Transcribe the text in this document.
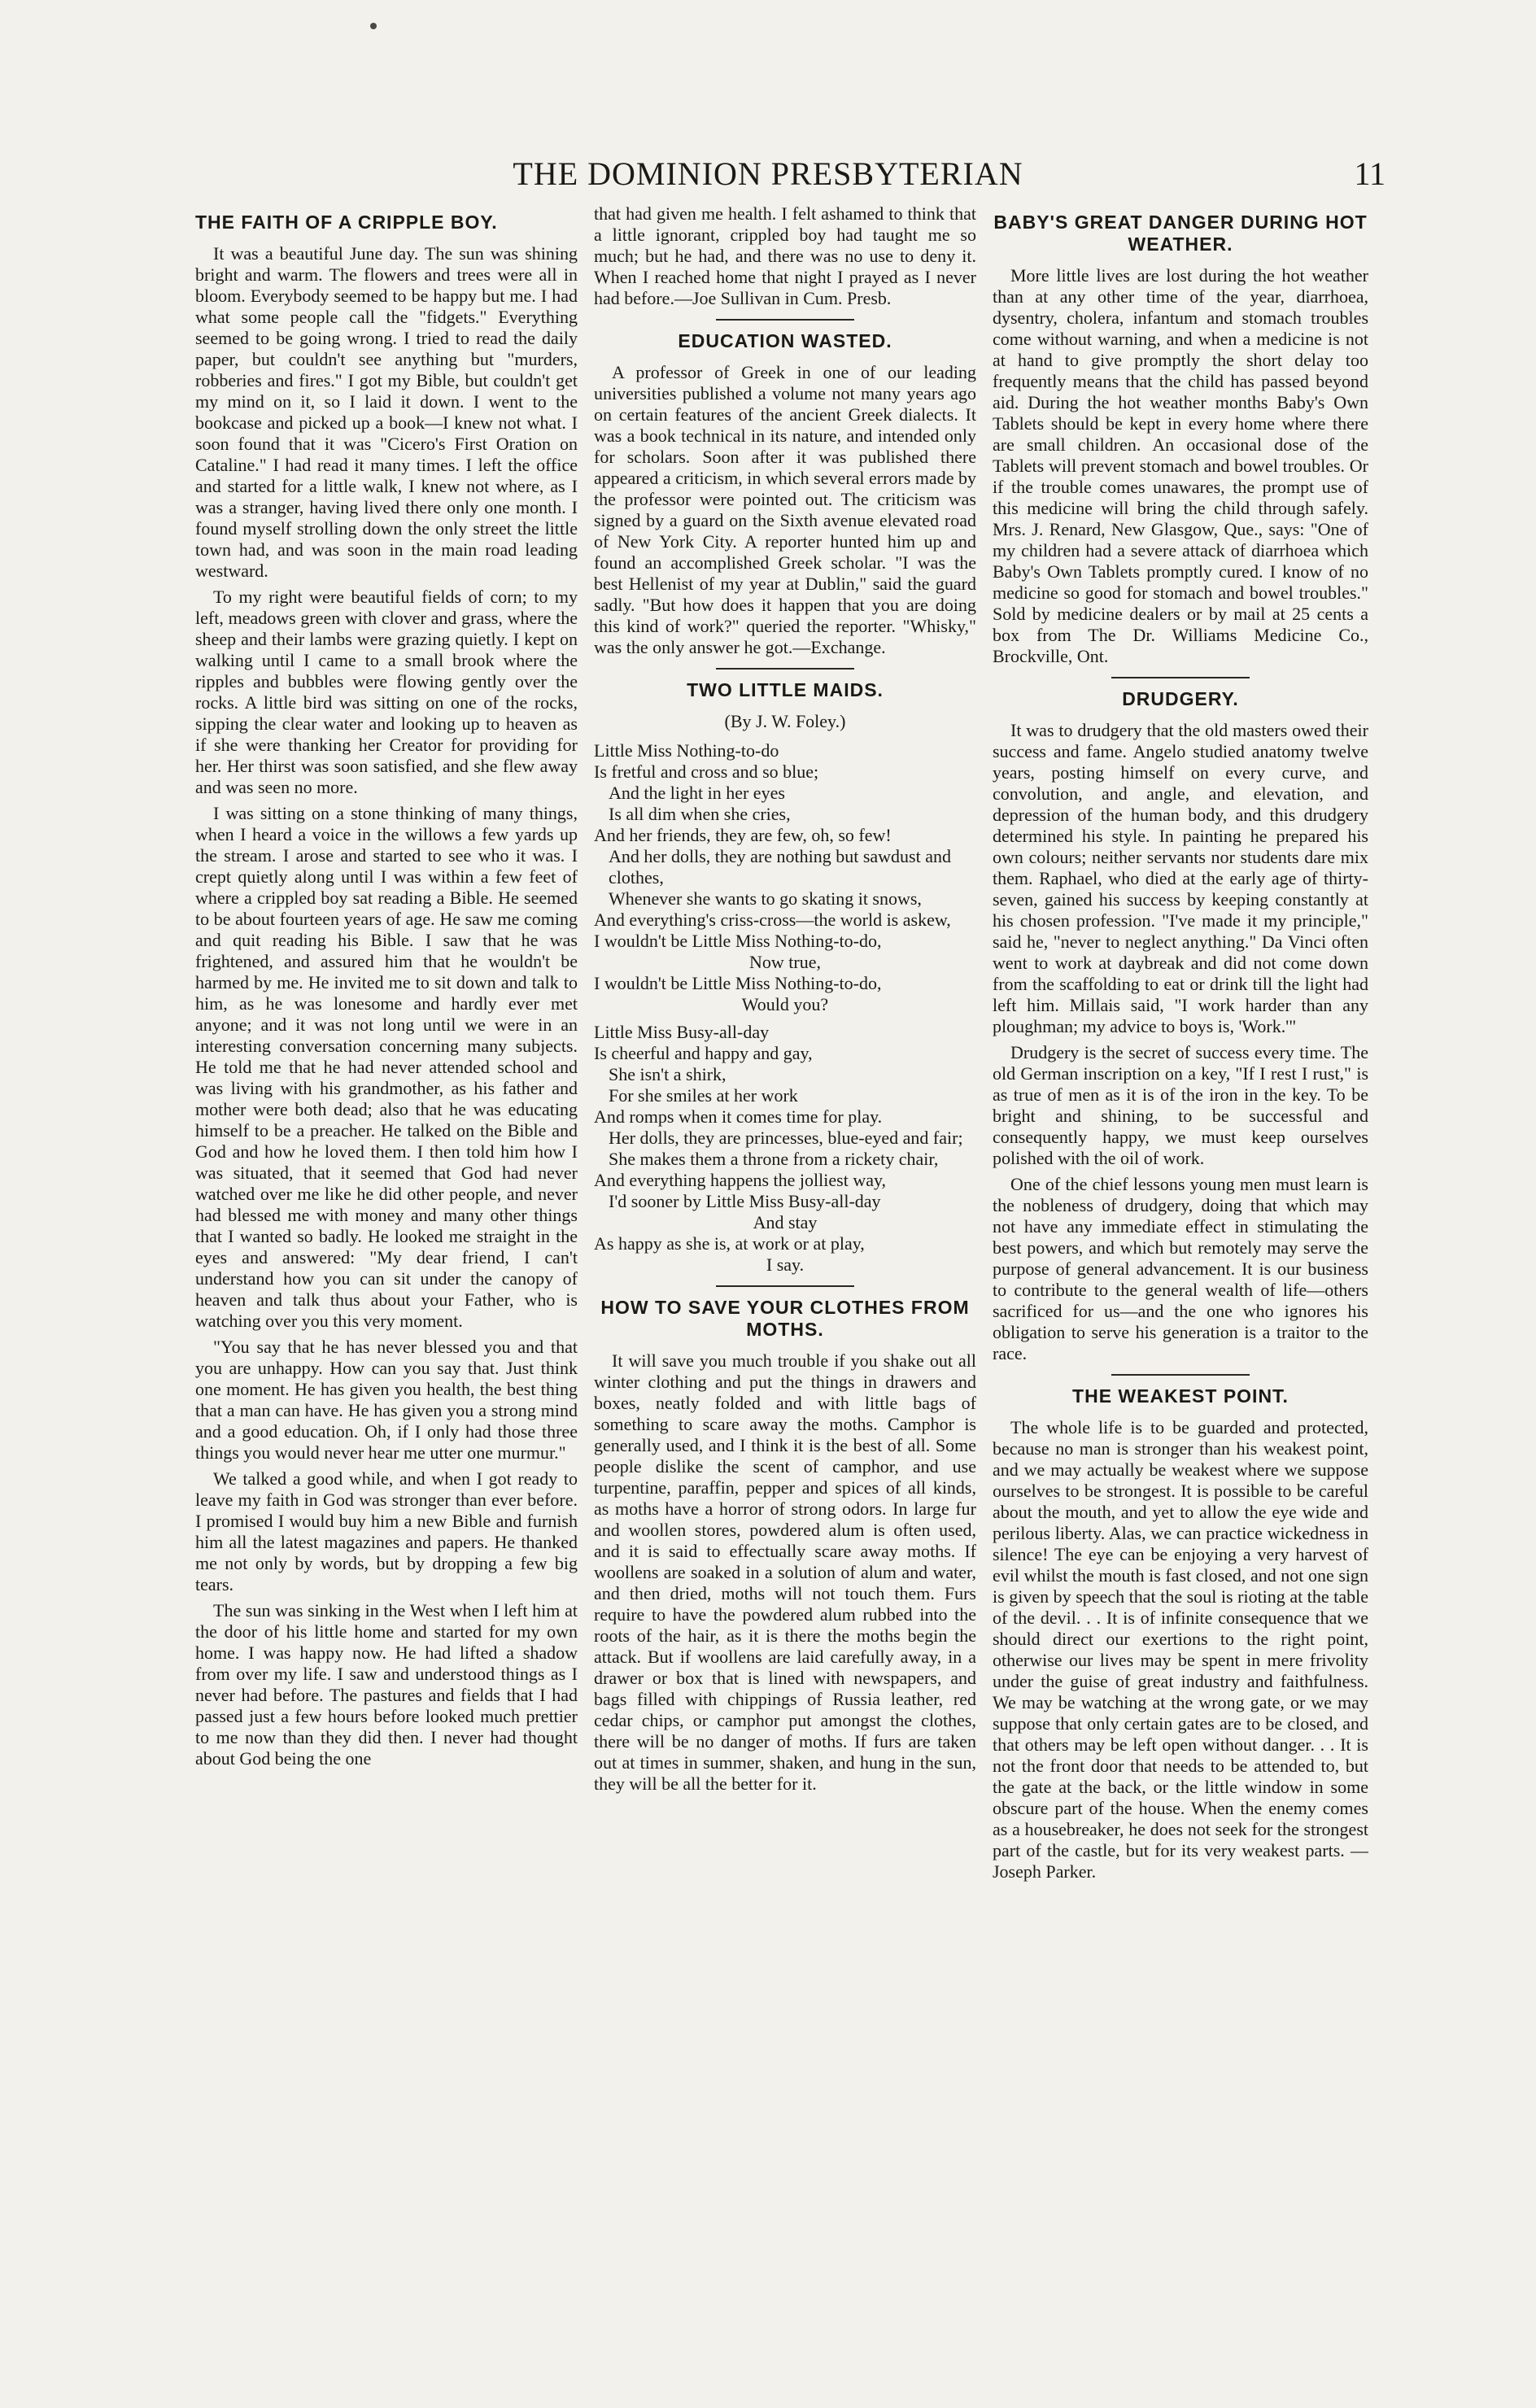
THE DOMINION PRESBYTERIAN	11
THE FAITH OF A CRIPPLE BOY.

It was a beautiful June day. The sun was shining bright and warm. The flowers and trees were all in bloom. Everybody seemed to be happy but me. I had what some people call the "fidgets." Everything seemed to be going wrong. I tried to read the daily paper, but couldn't see anything but "murders, robberies and fires." I got my Bible, but couldn't get my mind on it, so I laid it down. I went to the bookcase and picked up a book—I knew not what. I soon found that it was "Cicero's First Oration on Cataline." I had read it many times. I left the office and started for a little walk, I knew not where, as I was a stranger, having lived there only one month. I found myself strolling down the only street the little town had, and was soon in the main road leading westward.

To my right were beautiful fields of corn; to my left, meadows green with clover and grass, where the sheep and their lambs were grazing quietly. I kept on walking until I came to a small brook where the ripples and bubbles were flowing gently over the rocks. A little bird was sitting on one of the rocks, sipping the clear water and looking up to heaven as if she were thanking her Creator for providing for her. Her thirst was soon satisfied, and she flew away and was seen no more.

I was sitting on a stone thinking of many things, when I heard a voice in the willows a few yards up the stream. I arose and started to see who it was. I crept quietly along until I was within a few feet of where a crippled boy sat reading a Bible. He seemed to be about fourteen years of age. He saw me coming and quit reading his Bible. I saw that he was frightened, and assured him that he wouldn't be harmed by me. He invited me to sit down and talk to him, as he was lonesome and hardly ever met anyone; and it was not long until we were in an interesting conversation concerning many subjects. He told me that he had never attended school and was living with his grandmother, as his father and mother were both dead; also that he was educating himself to be a preacher. He talked on the Bible and God and how he loved them. I then told him how I was situated, that it seemed that God had never watched over me like he did other people, and never had blessed me with money and many other things that I wanted so badly. He looked me straight in the eyes and answered: "My dear friend, I can't understand how you can sit under the canopy of heaven and talk thus about your Father, who is watching over you this very moment.

"You say that he has never blessed you and that you are unhappy. How can you say that. Just think one moment. He has given you health, the best thing that a man can have. He has given you a strong mind and a good education. Oh, if I only had those three things you would never hear me utter one murmur."

We talked a good while, and when I got ready to leave my faith in God was stronger than ever before. I promised I would buy him a new Bible and furnish him all the latest magazines and papers. He thanked me not only by words, but by dropping a few big tears.

The sun was sinking in the West when I left him at the door of his little home and started for my own home. I was happy now. He had lifted a shadow from over my life. I saw and understood things as I never had before. The pastures and fields that I had passed just a few hours before looked much prettier to me now than they did then. I never had thought about God being the one

that had given me health. I felt ashamed to think that a little ignorant, crippled boy had taught me so much; but he had, and there was no use to deny it. When I reached home that night I prayed as I never had before.—Joe Sullivan in Cum. Presb.

EDUCATION WASTED.

A professor of Greek in one of our leading universities published a volume not many years ago on certain features of the ancient Greek dialects. It was a book technical in its nature, and intended only for scholars. Soon after it was published there appeared a criticism, in which several errors made by the professor were pointed out. The criticism was signed by a guard on the Sixth avenue elevated road of New York City. A reporter hunted him up and found an accomplished Greek scholar. "I was the best Hellenist of my year at Dublin," said the guard sadly. "But how does it happen that you are doing this kind of work?" queried the reporter. "Whisky," was the only answer he got.—Exchange.

TWO LITTLE MAIDS.
(By J. W. Foley.)
Little Miss Nothing-to-do
Is fretful and cross and so blue;
And the light in her eyes
Is all dim when she cries,
And her friends, they are few, oh, so few!
And her dolls, they are nothing but sawdust and clothes,
Whenever she wants to go skating it snows,
And everything's criss-cross—the world is askew,
I wouldn't be Little Miss Nothing-to-do,
Now true,
I wouldn't be Little Miss Nothing-to-do,
Would you?
Little Miss Busy-all-day
Is cheerful and happy and gay,
She isn't a shirk,
For she smiles at her work
And romps when it comes time for play.
Her dolls, they are princesses, blue-eyed and fair;
She makes them a throne from a rickety chair,
And everything happens the jolliest way,
I'd sooner by Little Miss Busy-all-day
And stay
As happy as she is, at work or at play,
I say.
HOW TO SAVE YOUR CLOTHES FROM MOTHS.

It will save you much trouble if you shake out all winter clothing and put the things in drawers and boxes, neatly folded and with little bags of something to scare away the moths. Camphor is generally used, and I think it is the best of all. Some people dislike the scent of camphor, and use turpentine, paraffin, pepper and spices of all kinds, as moths have a horror of strong odors. In large fur and woollen stores, powdered alum is often used, and it is said to effectually scare away moths. If woollens are soaked in a solution of alum and water, and then dried, moths will not touch them. Furs require to have the powdered alum rubbed into the roots of the hair, as it is there the moths begin the attack. But if woollens are laid carefully away, in a drawer or box that is lined with newspapers, and bags filled with chippings of Russia leather, red cedar chips, or camphor put amongst the clothes, there will be no danger of moths. If furs are taken out at times in summer, shaken, and hung in the sun, they will be all the better for it.

BABY'S GREAT DANGER DURING HOT WEATHER.

More little lives are lost during the hot weather than at any other time of the year, diarrhoea, dysentry, cholera, infantum and stomach troubles come without warning, and when a medicine is not at hand to give promptly the short delay too frequently means that the child has passed beyond aid. During the hot weather months Baby's Own Tablets should be kept in every home where there are small children. An occasional dose of the Tablets will prevent stomach and bowel troubles. Or if the trouble comes unawares, the prompt use of this medicine will bring the child through safely. Mrs. J. Renard, New Glasgow, Que., says: "One of my children had a severe attack of diarrhoea which Baby's Own Tablets promptly cured. I know of no medicine so good for stomach and bowel troubles." Sold by medicine dealers or by mail at 25 cents a box from The Dr. Williams Medicine Co., Brockville, Ont.

DRUDGERY.

It was to drudgery that the old masters owed their success and fame. Angelo studied anatomy twelve years, posting himself on every curve, and convolution, and angle, and elevation, and depression of the human body, and this drudgery determined his style. In painting he prepared his own colours; neither servants nor students dare mix them. Raphael, who died at the early age of thirty-seven, gained his success by keeping constantly at his chosen profession. "I've made it my principle," said he, "never to neglect anything." Da Vinci often went to work at daybreak and did not come down from the scaffolding to eat or drink till the light had left him. Millais said, "I work harder than any ploughman; my advice to boys is, 'Work.'"

Drudgery is the secret of success every time. The old German inscription on a key, "If I rest I rust," is as true of men as it is of the iron in the key. To be bright and shining, to be successful and consequently happy, we must keep ourselves polished with the oil of work.

One of the chief lessons young men must learn is the nobleness of drudgery, doing that which may not have any immediate effect in stimulating the best powers, and which but remotely may serve the purpose of general advancement. It is our business to contribute to the general wealth of life—others sacrificed for us—and the one who ignores his obligation to serve his generation is a traitor to the race.

THE WEAKEST POINT.

The whole life is to be guarded and protected, because no man is stronger than his weakest point, and we may actually be weakest where we suppose ourselves to be strongest. It is possible to be careful about the mouth, and yet to allow the eye wide and perilous liberty. Alas, we can practice wickedness in silence! The eye can be enjoying a very harvest of evil whilst the mouth is fast closed, and not one sign is given by speech that the soul is rioting at the table of the devil. . . It is of infinite consequence that we should direct our exertions to the right point, otherwise our lives may be spent in mere frivolity under the guise of great industry and faithfulness. We may be watching at the wrong gate, or we may suppose that only certain gates are to be closed, and that others may be left open without danger. . . It is not the front door that needs to be attended to, but the gate at the back, or the little window in some obscure part of the house. When the enemy comes as a housebreaker, he does not seek for the strongest part of the castle, but for its very weakest parts. —Joseph Parker.
